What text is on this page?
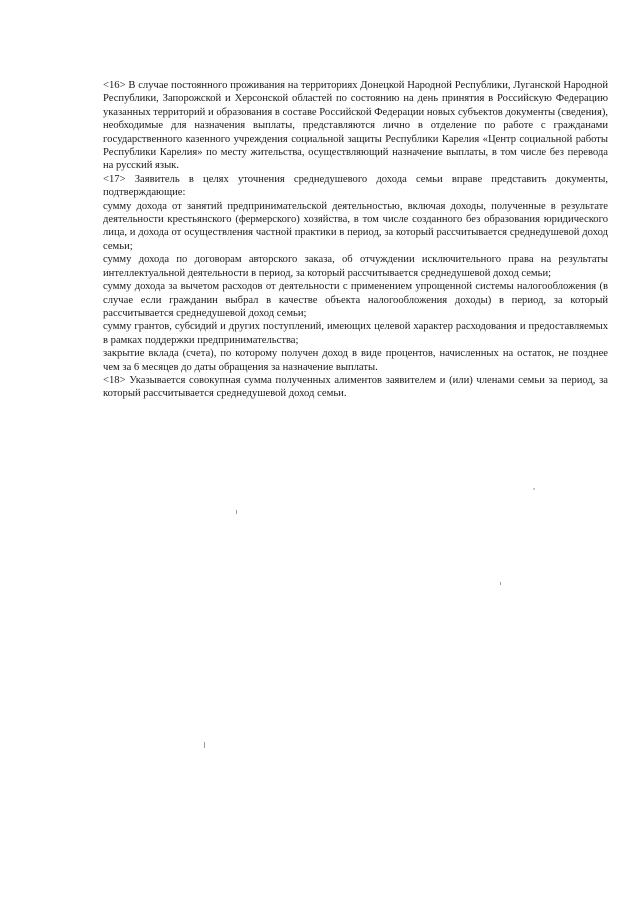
<16> В случае постоянного проживания на территориях Донецкой Народной Республики, Луганской Народной Республики, Запорожской и Херсонской областей по состоянию на день принятия в Российскую Федерацию указанных территорий и образования в составе Российской Федерации новых субъектов документы (сведения), необходимые для назначения выплаты, представляются лично в отделение по работе с гражданами государственного казенного учреждения социальной защиты Республики Карелия «Центр социальной работы Республики Карелия» по месту жительства, осуществляющий назначение выплаты, в том числе без перевода на русский язык.

<17> Заявитель в целях уточнения среднедушевого дохода семьи вправе представить документы, подтверждающие:

сумму дохода от занятий предпринимательской деятельностью, включая доходы, полученные в результате деятельности крестьянского (фермерского) хозяйства, в том числе созданного без образования юридического лица, и дохода от осуществления частной практики в период, за который рассчитывается среднедушевой доход семьи;

сумму дохода по договорам авторского заказа, об отчуждении исключительного права на результаты интеллектуальной деятельности в период, за который рассчитывается среднедушевой доход семьи;

сумму дохода за вычетом расходов от деятельности с применением упрощенной системы налогообложения (в случае если гражданин выбрал в качестве объекта налогообложения доходы) в период, за который рассчитывается среднедушевой доход семьи;

сумму грантов, субсидий и других поступлений, имеющих целевой характер расходования и предоставляемых в рамках поддержки предпринимательства;

закрытие вклада (счета), по которому получен доход в виде процентов, начисленных на остаток, не позднее чем за 6 месяцев до даты обращения за назначение выплаты.

<18> Указывается совокупная сумма полученных алиментов заявителем и (или) членами семьи за период, за который рассчитывается среднедушевой доход семьи.
